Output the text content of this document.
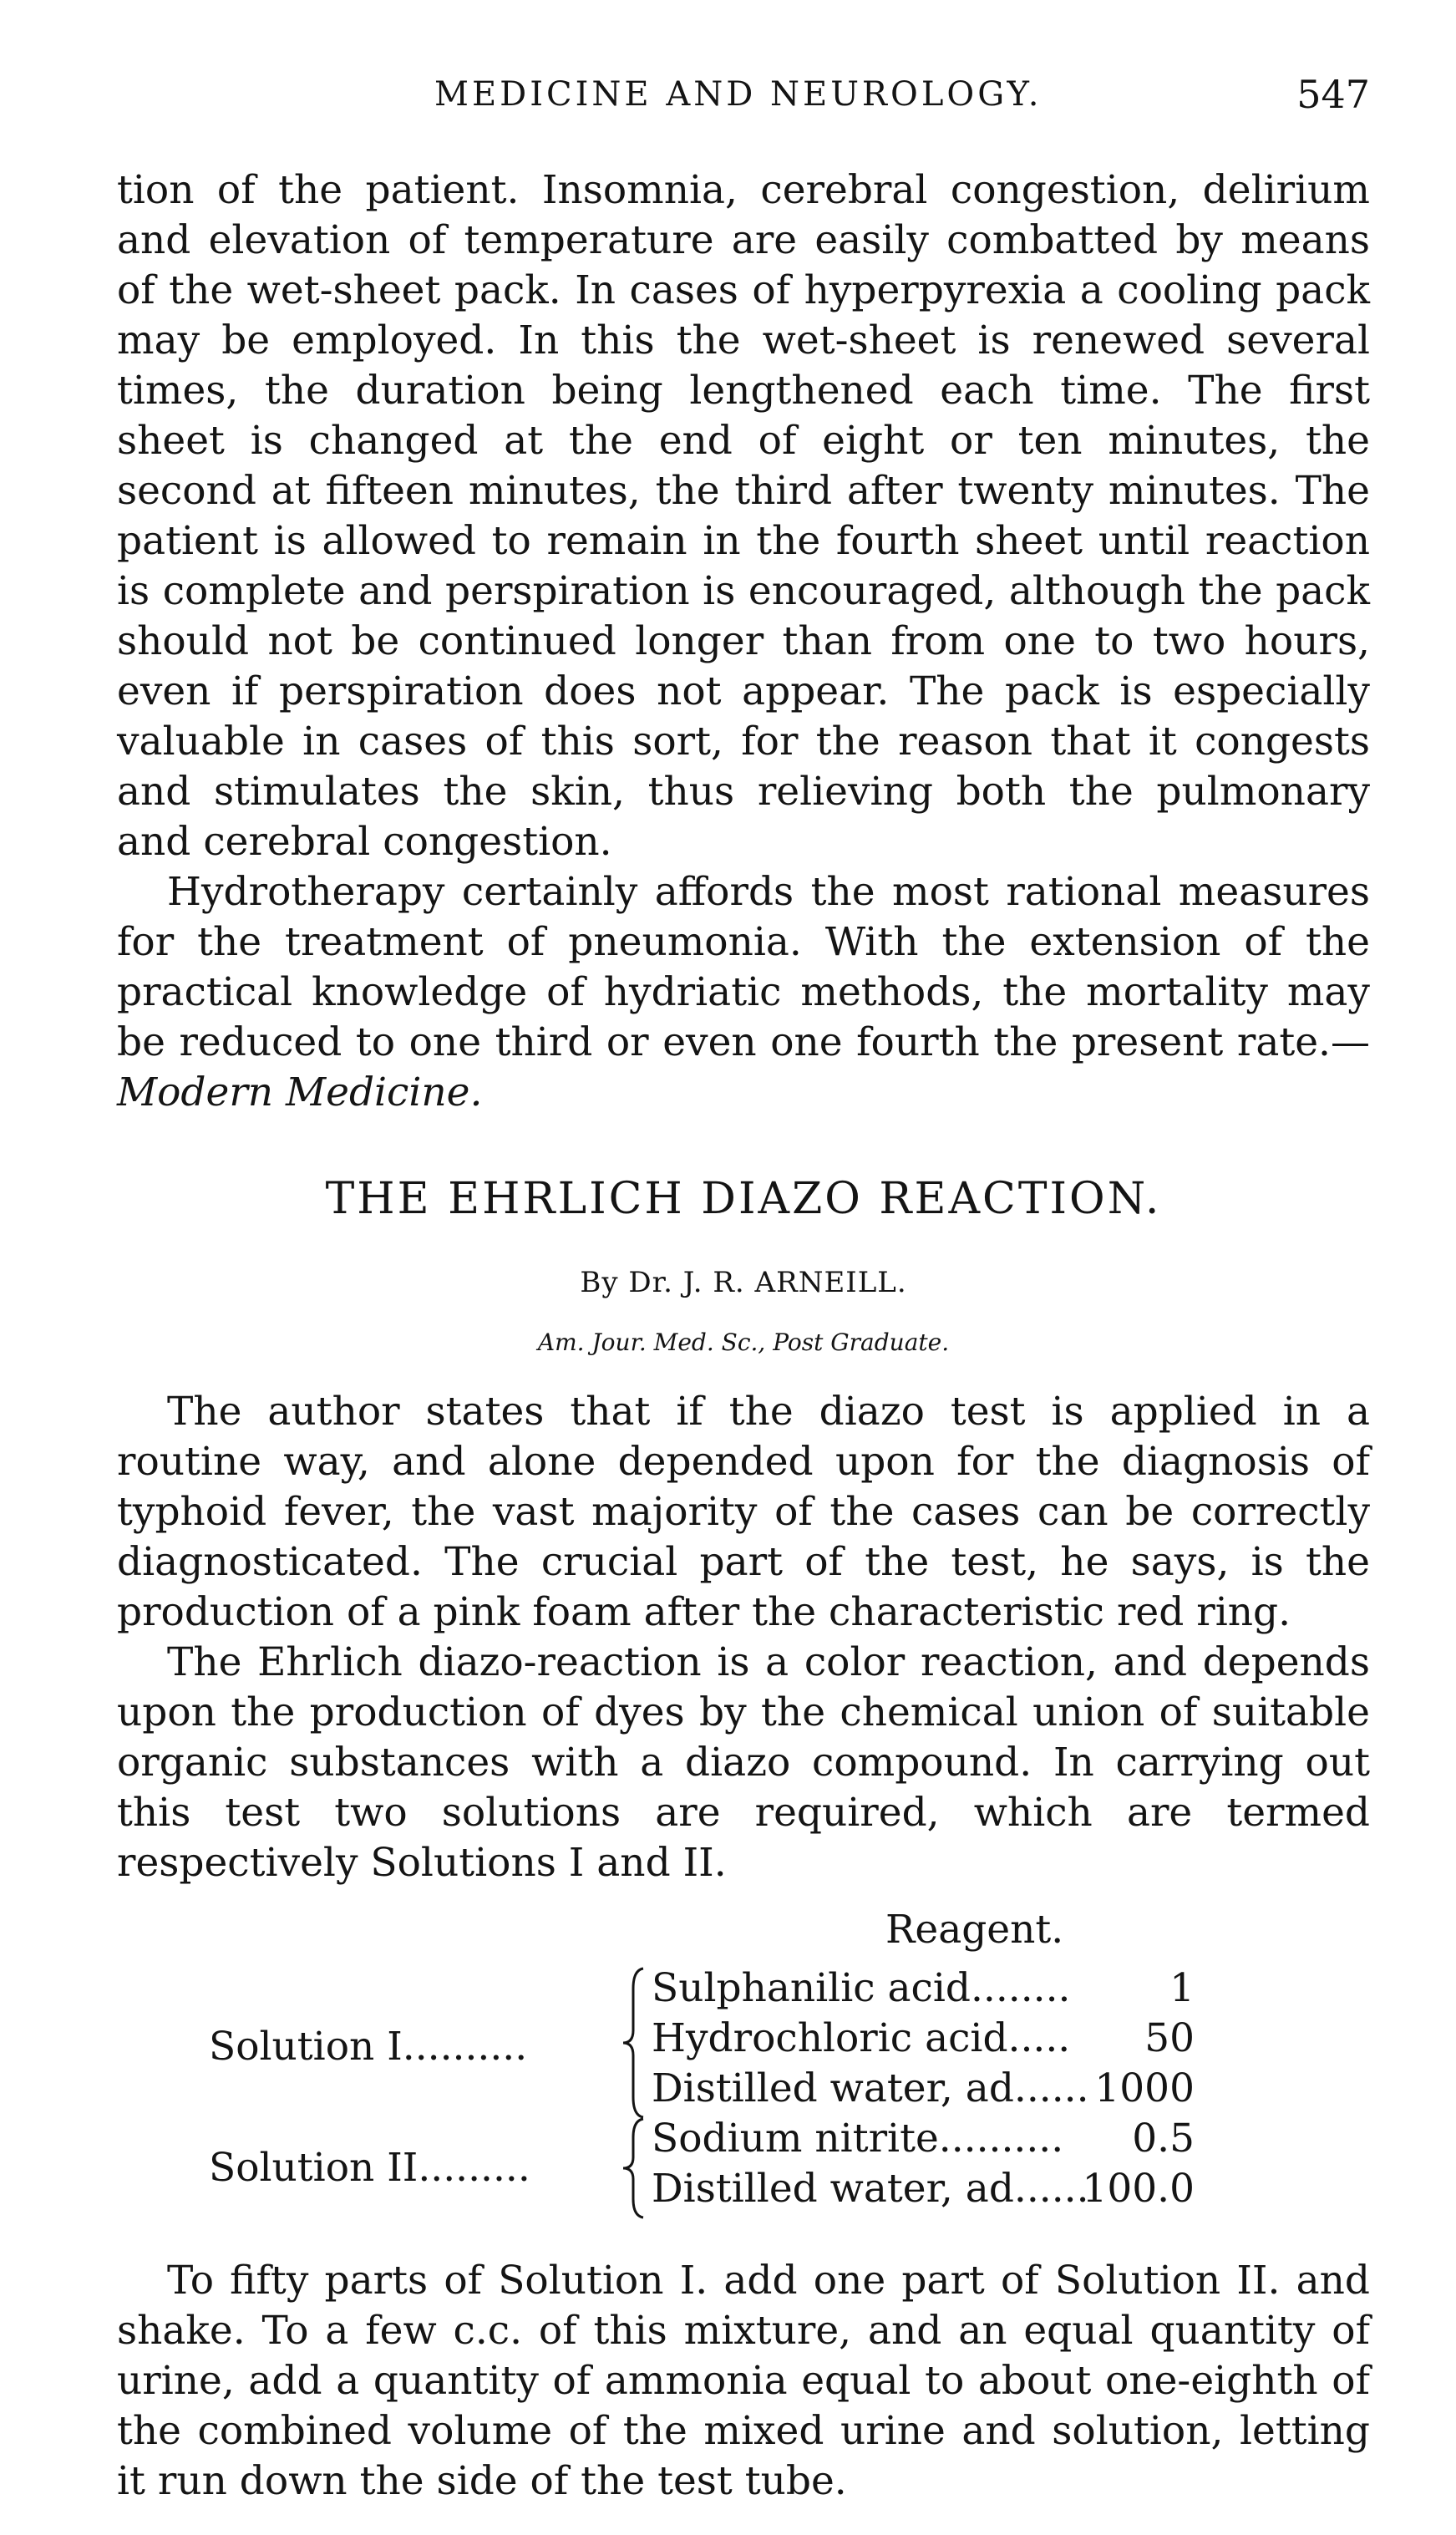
MEDICINE AND NEUROLOGY.	547

tion of the patient. Insomnia, cerebral congestion, delirium and elevation of temperature are easily combatted by means of the wet-sheet pack. In cases of hyperpyrexia a cooling pack may be employed. In this the wet-sheet is renewed several times, the duration being lengthened each time. The first sheet is changed at the end of eight or ten minutes, the second at fifteen minutes, the third after twenty minutes. The patient is allowed to remain in the fourth sheet until reaction is complete and perspiration is encouraged, although the pack should not be continued longer than from one to two hours, even if perspiration does not appear. The pack is especially valuable in cases of this sort, for the reason that it congests and stimulates the skin, thus relieving both the pulmonary and cerebral congestion.

Hydrotherapy certainly affords the most rational measures for the treatment of pneumonia. With the extension of the practical knowledge of hydriatic methods, the mortality may be reduced to one third or even one fourth the present rate.—Modern Medicine.

THE EHRLICH DIAZO REACTION.
By Dr. J. R. ARNEILL.
Am. Jour. Med. Sc., Post Graduate.

The author states that if the diazo test is applied in a routine way, and alone depended upon for the diagnosis of typhoid fever, the vast majority of the cases can be correctly diagnosticated. The crucial part of the test, he says, is the production of a pink foam after the characteristic red ring.

The Ehrlich diazo-reaction is a color reaction, and depends upon the production of dyes by the chemical union of suitable organic substances with a diazo compound. In carrying out this test two solutions are required, which are termed respectively Solutions I and II.

Reagent.
Solution I..........
Sulphanilic acid........	1
Hydrochloric acid..... 50
Distilled water, ad...... 1000
Solution II.........
Sodium nitrite.......... 0.5
Distilled water, ad......
100.0

To fifty parts of Solution I. add one part of Solution II. and shake. To a few c.c. of this mixture, and an equal quantity of urine, add a quantity of ammonia equal to about one-eighth of the combined volume of the mixed urine and solution, letting it run down the side of the test tube.
